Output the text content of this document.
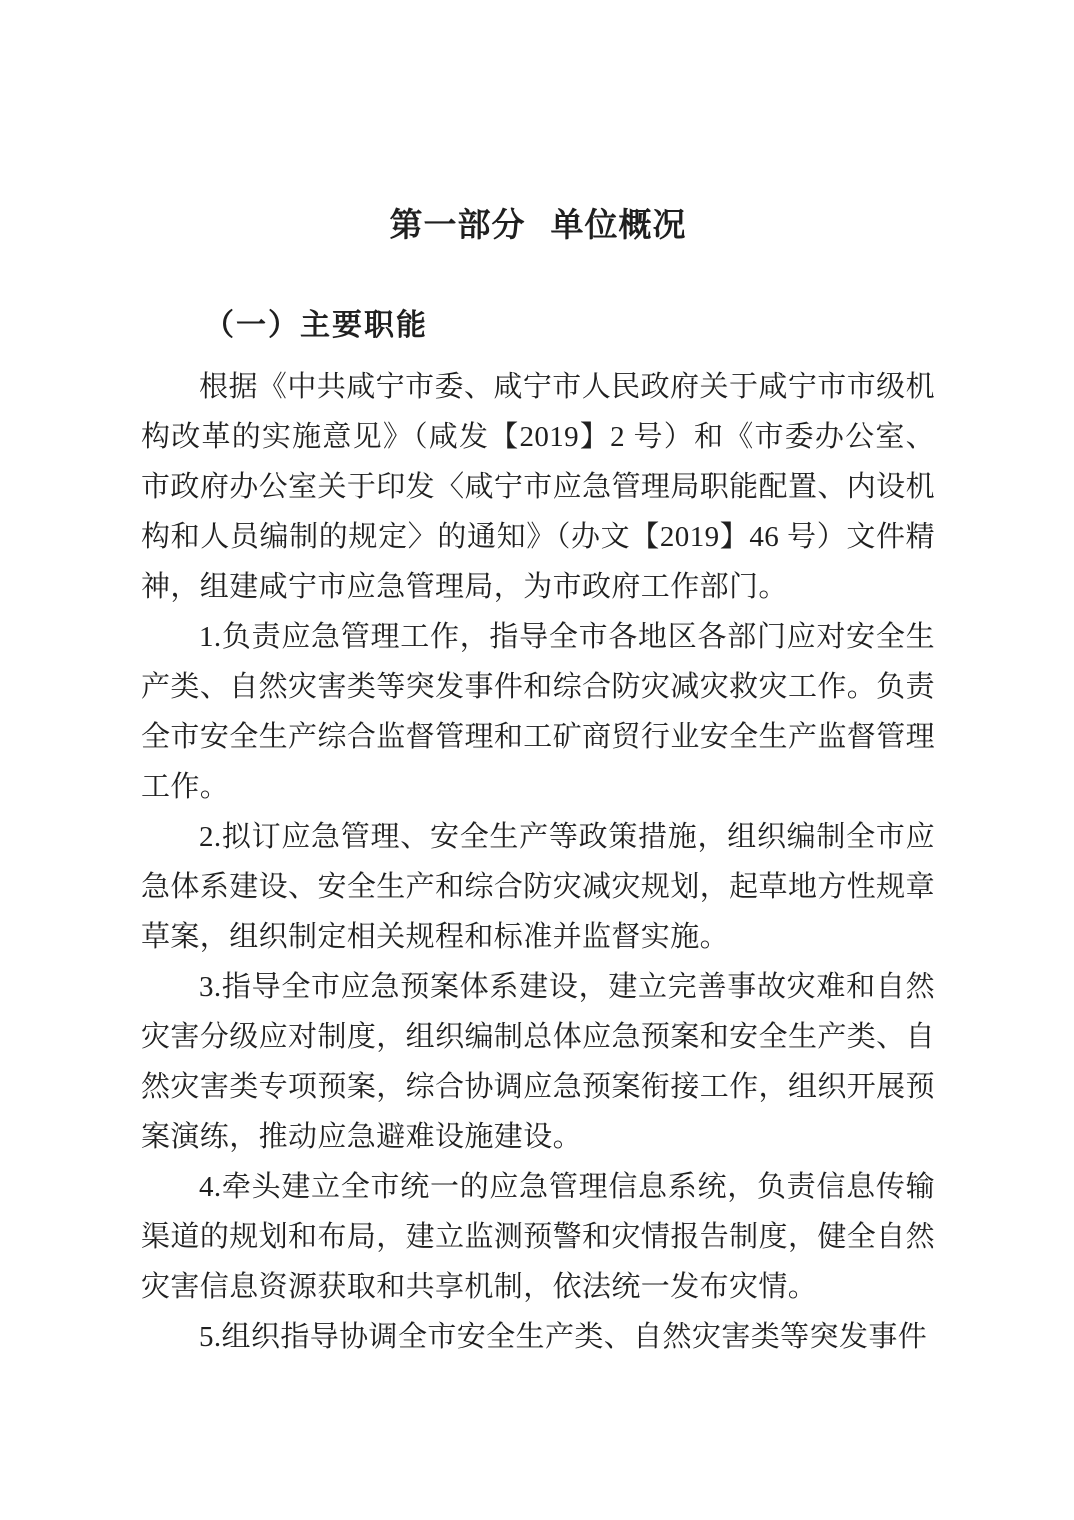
第一部分 单位概况
（一）主要职能

根据《中共咸宁市委、咸宁市人民政府关于咸宁市市级机构改革的实施意见》（咸发【2019】2 号）和《市委办公室、市政府办公室关于印发〈咸宁市应急管理局职能配置、内设机构和人员编制的规定〉的通知》（办文【2019】46 号）文件精神，组建咸宁市应急管理局，为市政府工作部门。

1.负责应急管理工作，指导全市各地区各部门应对安全生产类、自然灾害类等突发事件和综合防灾减灾救灾工作。负责全市安全生产综合监督管理和工矿商贸行业安全生产监督管理工作。

2.拟订应急管理、安全生产等政策措施，组织编制全市应急体系建设、安全生产和综合防灾减灾规划，起草地方性规章草案，组织制定相关规程和标准并监督实施。

3.指导全市应急预案体系建设，建立完善事故灾难和自然灾害分级应对制度，组织编制总体应急预案和安全生产类、自然灾害类专项预案，综合协调应急预案衔接工作，组织开展预案演练，推动应急避难设施建设。

4.牵头建立全市统一的应急管理信息系统，负责信息传输渠道的规划和布局，建立监测预警和灾情报告制度，健全自然灾害信息资源获取和共享机制，依法统一发布灾情。

5.组织指导协调全市安全生产类、自然灾害类等突发事件
